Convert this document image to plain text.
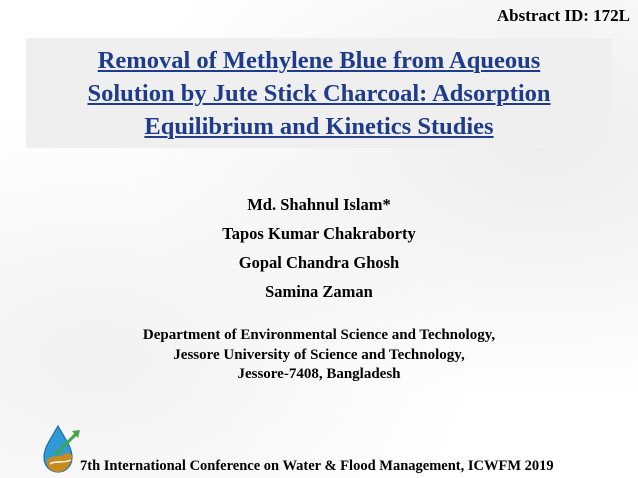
Abstract ID: 172L
Removal of Methylene Blue from Aqueous
Solution by Jute Stick Charcoal: Adsorption
Equilibrium and Kinetics Studies
Md. Shahnul Islam*
Tapos Kumar Chakraborty
Gopal Chandra Ghosh
Samina Zaman
Department of Environmental Science and Technology,
Jessore University of Science and Technology,
Jessore-7408, Bangladesh
7th International Conference on Water & Flood Management, ICWFM 2019
